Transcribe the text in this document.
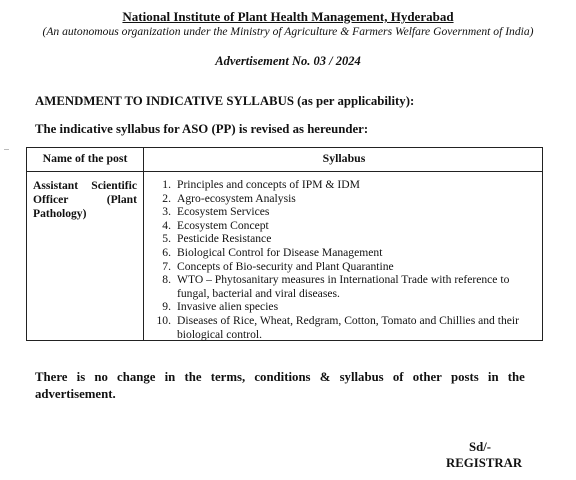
National Institute of Plant Health Management, Hyderabad
(An autonomous organization under the Ministry of Agriculture & Farmers Welfare Government of India)
Advertisement No. 03 / 2024
AMENDMENT TO INDICATIVE SYLLABUS (as per applicability):
The indicative syllabus for ASO (PP) is revised as hereunder:
Name of the post	Syllabus
Assistant Scientific
Officer	(Plant
Pathology)
1. Principles and concepts of IPM & IDM
2. Agro-ecosystem Analysis
3. Ecosystem Services
4. Ecosystem Concept
5. Pesticide Resistance
6. Biological Control for Disease Management
7. Concepts of Bio-security and Plant Quarantine
8. WTO – Phytosanitary measures in International Trade with reference to fungal, bacterial and viral diseases.
9. Invasive alien species
10. Diseases of Rice, Wheat, Redgram, Cotton, Tomato and Chillies and their biological control.
There is no change in the terms, conditions & syllabus of other posts in the
advertisement.
Sd/-
REGISTRAR
